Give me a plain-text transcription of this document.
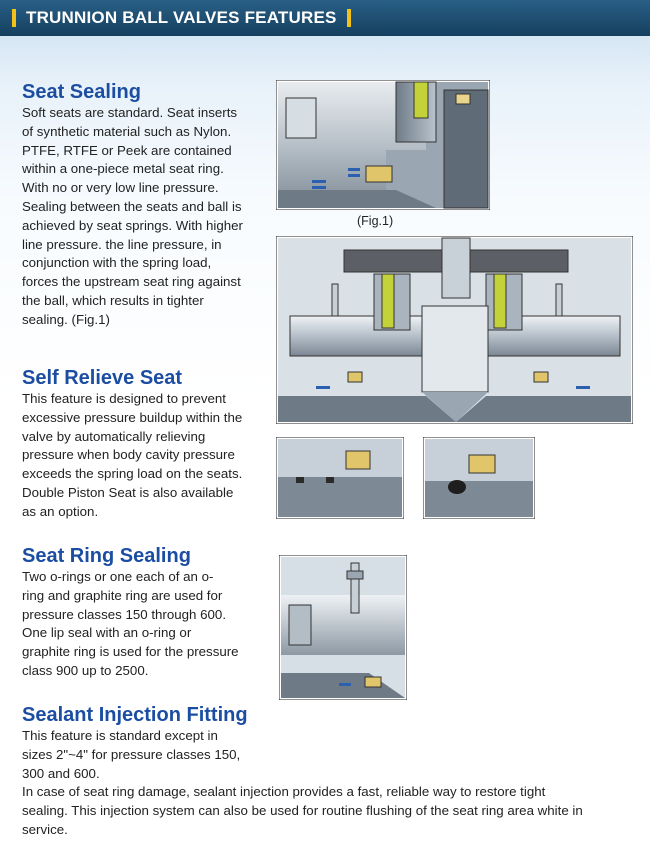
TRUNNION BALL VALVES FEATURES
Seat Sealing
Soft seats are standard. Seat inserts
of synthetic material such as Nylon.
PTFE, RTFE or Peek are contained
within a one-piece metal seat ring.
With no or very low line pressure.
Sealing between the seats and ball is
achieved by seat springs. With higher
line pressure. the line pressure, in
conjunction with the spring load,
forces the upstream seat ring against
the ball, which results in tighter
sealing. (Fig.1)
Self Relieve Seat
This feature is designed to prevent
excessive pressure buildup within the
valve by automatically relieving
pressure when body cavity pressure
exceeds the spring load on the seats.
Double Piston Seat is also available
as an option.
Seat Ring Sealing
Two o-rings or one each of an o-
ring and graphite ring are used for
pressure classes 150 through 600.
One lip seal with an o-ring or
graphite ring is used for the pressure
class 900 up to 2500.
Sealant Injection Fitting
This feature is standard except in
sizes 2"~4" for pressure classes 150,
300 and 600.
In case of seat ring damage, sealant injection provides a fast, reliable way to restore tight
sealing. This injection system can also be used for routine flushing of the seat ring area white in
service.
(Fig.1)
